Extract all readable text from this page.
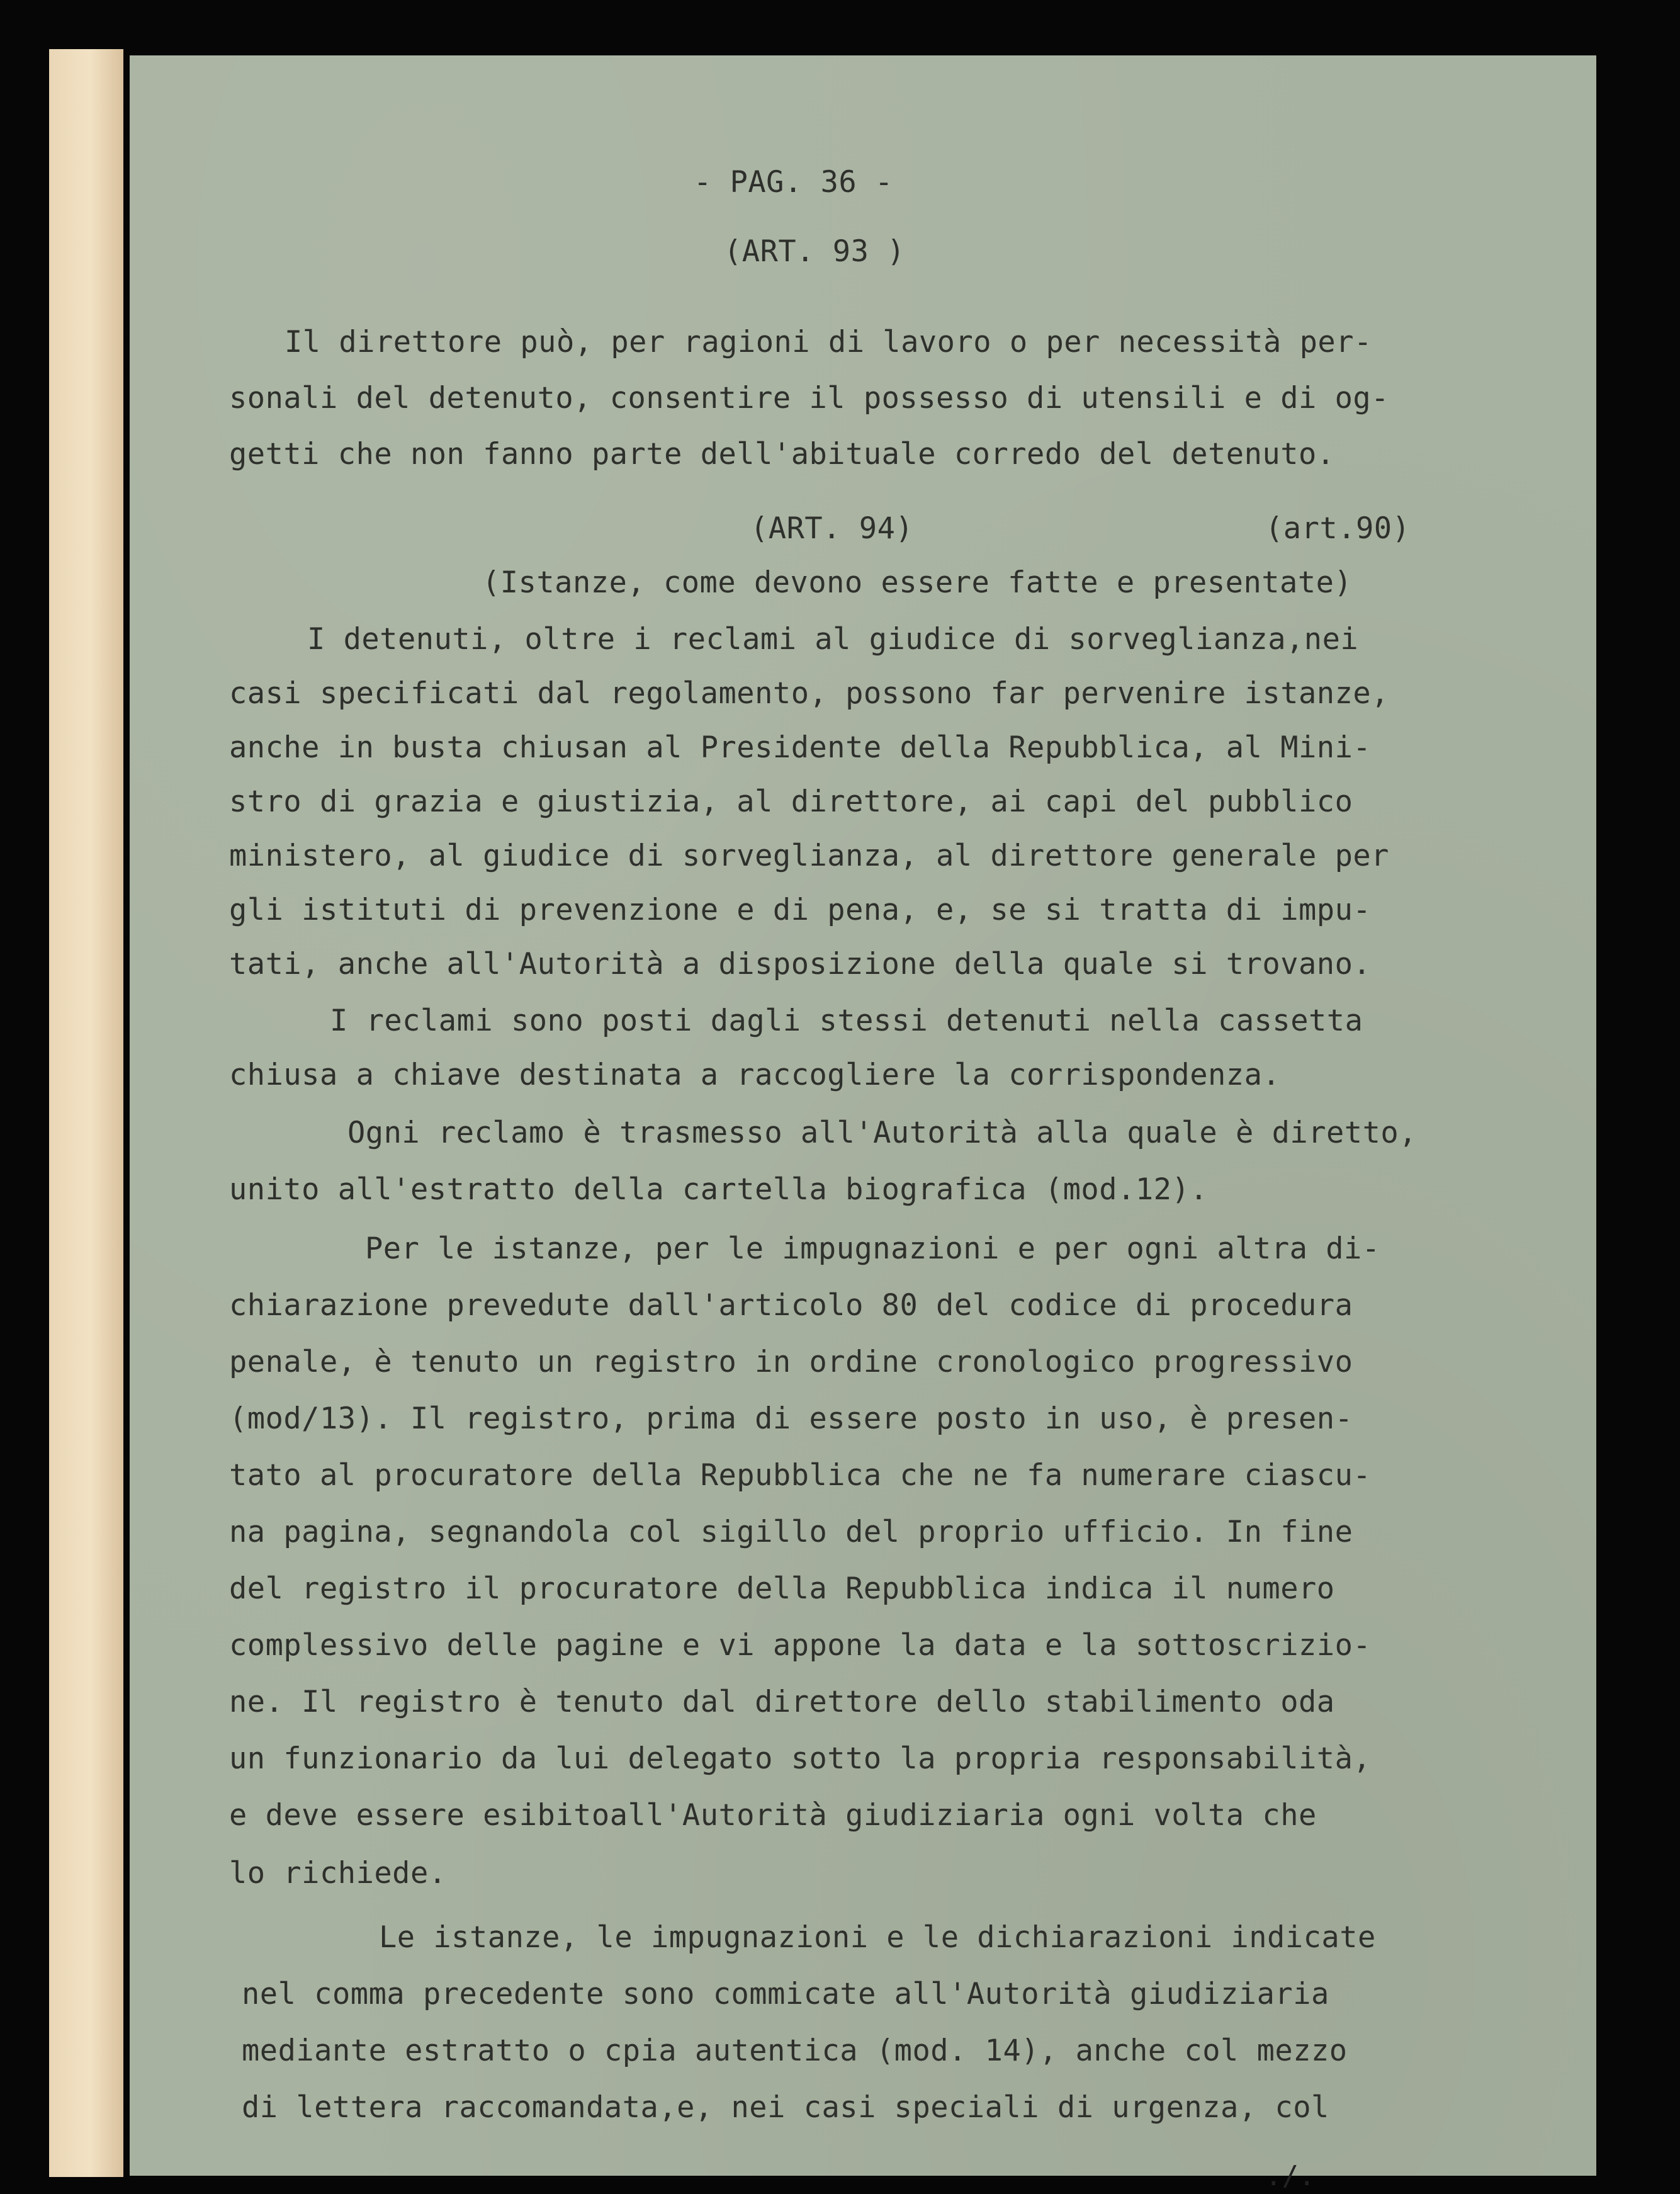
- PAG. 36 -

(ART. 93 )

Il direttore può, per ragioni di lavoro o per necessità per-

sonali del detenuto, consentire il possesso di utensili e di og-

getti che non fanno parte dell'abituale corredo del detenuto.

(ART. 94)	(art.90)

(Istanze, come devono essere fatte e presentate)

I detenuti, oltre i reclami al giudice di sorveglianza,nei

casi specificati dal regolamento, possono far pervenire istanze,

anche in busta chiusan al Presidente della Repubblica, al Mini-

stro di grazia e giustizia, al direttore, ai capi del pubblico

ministero, al giudice di sorveglianza, al direttore generale per

gli istituti di prevenzione e di pena, e, se si tratta di impu-

tati, anche all'Autorità a disposizione della quale si trovano.

I reclami sono posti dagli stessi detenuti nella cassetta

chiusa a chiave destinata a raccogliere la corrispondenza.

Ogni reclamo è trasmesso all'Autorità alla quale è diretto,

unito all'estratto della cartella biografica (mod.12).

Per le istanze, per le impugnazioni e per ogni altra di-

chiarazione prevedute dall'articolo 80 del codice di procedura

penale, è tenuto un registro in ordine cronologico progressivo

(mod/13). Il registro, prima di essere posto in uso, è presen-

tato al procuratore della Repubblica che ne fa numerare ciascu-

na pagina, segnandola col sigillo del proprio ufficio. In fine

del registro il procuratore della Repubblica indica il numero

complessivo delle pagine e vi appone la data e la sottoscrizio-

ne. Il registro è tenuto dal direttore dello stabilimento oda

un funzionario da lui delegato sotto la propria responsabilità,

e deve essere esibitoall'Autorità giudiziaria ogni volta che

lo richiede.

Le istanze, le impugnazioni e le dichiarazioni indicate

nel comma precedente sono commicate all'Autorità giudiziaria

mediante estratto o cpia autentica (mod. 14), anche col mezzo

di lettera raccomandata,e, nei casi speciali di urgenza, col

./.
